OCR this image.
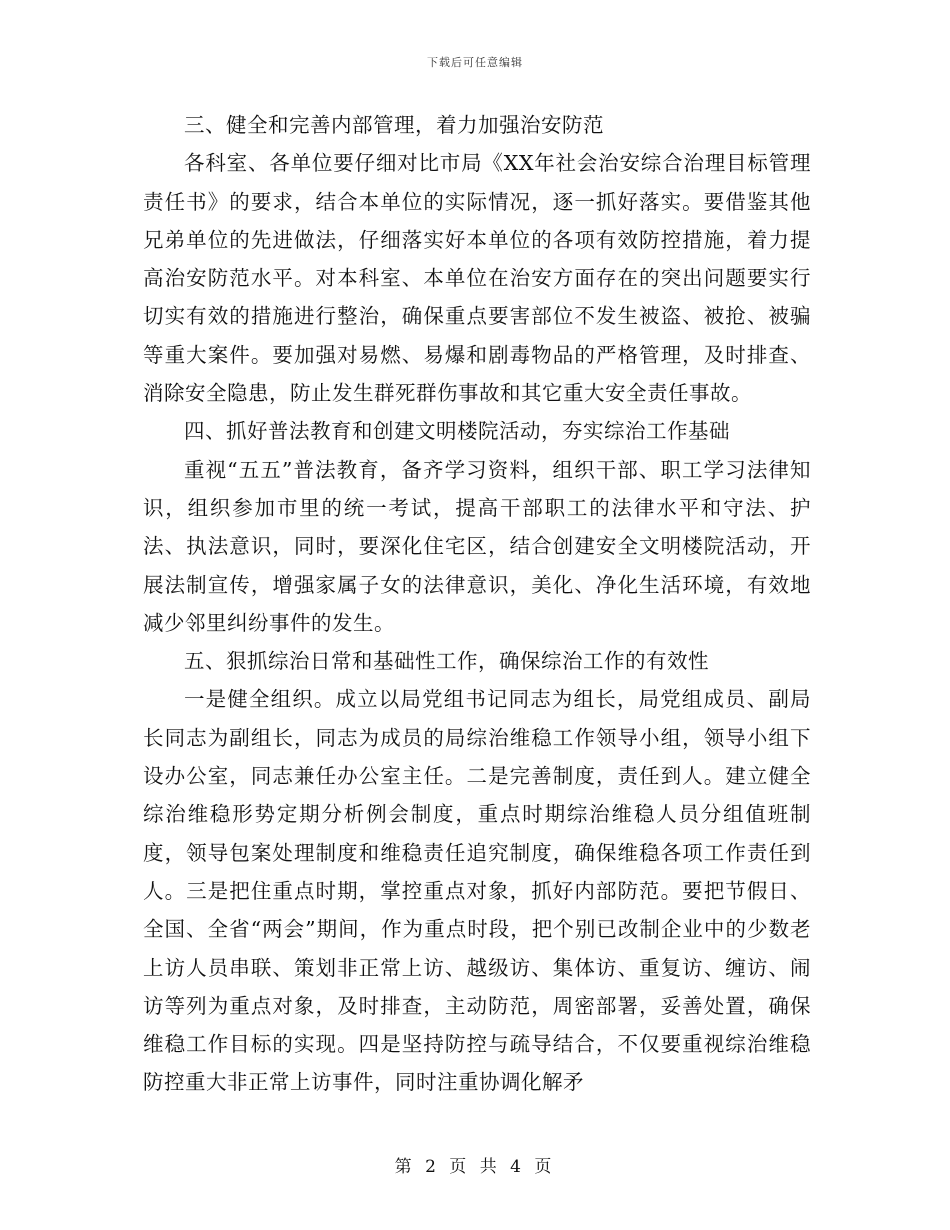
下载后可任意编辑

三、健全和完善内部管理，着力加强治安防范

各科室、各单位要仔细对比市局《XX年社会治安综合治理目标管理责任书》的要求，结合本单位的实际情况，逐一抓好落实。要借鉴其他兄弟单位的先进做法，仔细落实好本单位的各项有效防控措施，着力提高治安防范水平。对本科室、本单位在治安方面存在的突出问题要实行切实有效的措施进行整治，确保重点要害部位不发生被盗、被抢、被骗等重大案件。要加强对易燃、易爆和剧毒物品的严格管理，及时排查、消除安全隐患，防止发生群死群伤事故和其它重大安全责任事故。

四、抓好普法教育和创建文明楼院活动，夯实综治工作基础

重视“五五”普法教育，备齐学习资料，组织干部、职工学习法律知识，组织参加市里的统一考试，提高干部职工的法律水平和守法、护法、执法意识，同时，要深化住宅区，结合创建安全文明楼院活动，开展法制宣传，增强家属子女的法律意识，美化、净化生活环境，有效地减少邻里纠纷事件的发生。

五、狠抓综治日常和基础性工作，确保综治工作的有效性

一是健全组织。成立以局党组书记同志为组长，局党组成员、副局长同志为副组长，同志为成员的局综治维稳工作领导小组，领导小组下设办公室，同志兼任办公室主任。二是完善制度，责任到人。建立健全综治维稳形势定期分析例会制度，重点时期综治维稳人员分组值班制度，领导包案处理制度和维稳责任追究制度，确保维稳各项工作责任到人。三是把住重点时期，掌控重点对象，抓好内部防范。要把节假日、全国、全省“两会”期间，作为重点时段，把个别已改制企业中的少数老上访人员串联、策划非正常上访、越级访、集体访、重复访、缠访、闹访等列为重点对象，及时排查，主动防范，周密部署，妥善处置，确保维稳工作目标的实现。四是坚持防控与疏导结合，不仅要重视综治维稳防控重大非正常上访事件，同时注重协调化解矛

第 2 页 共 4 页
